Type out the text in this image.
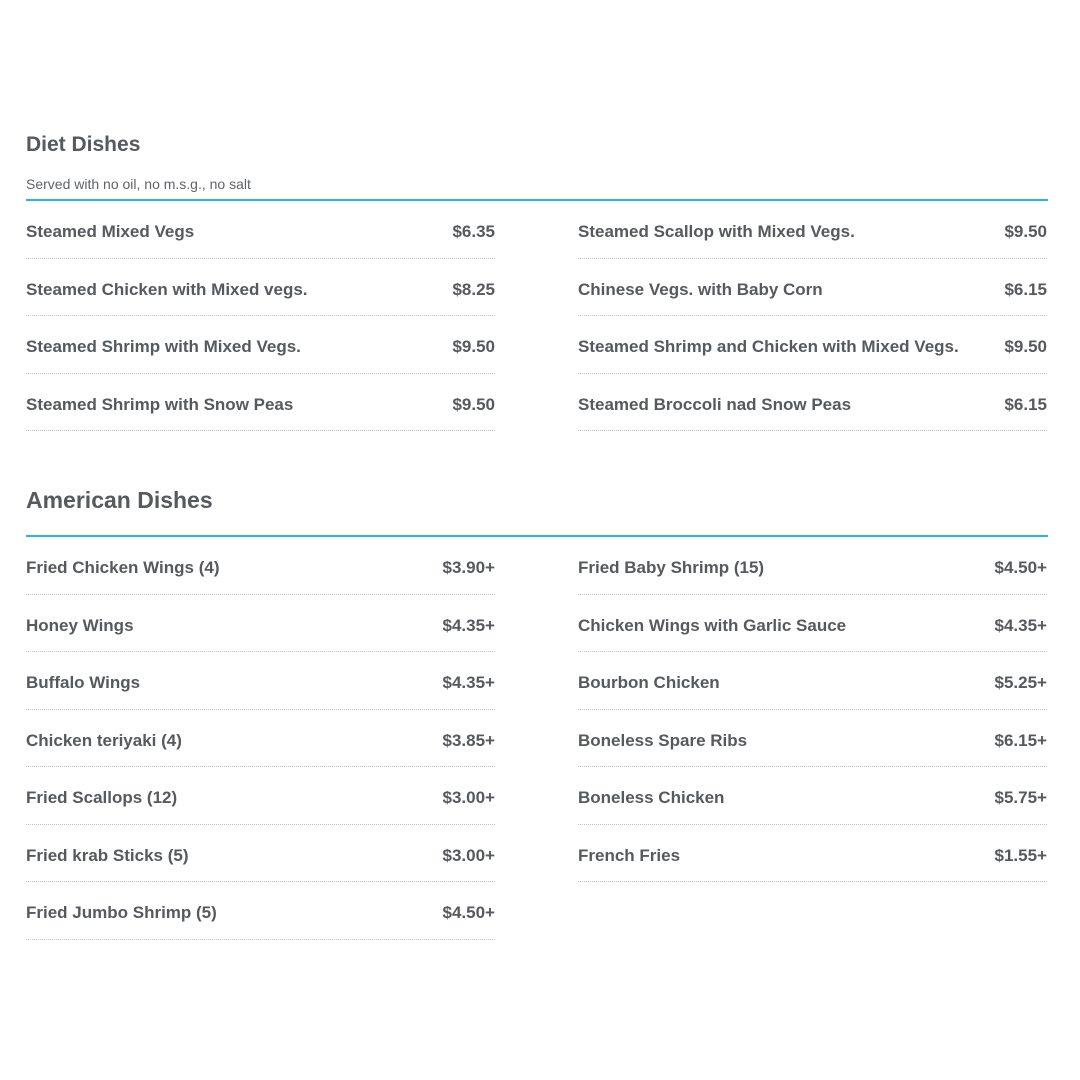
Diet Dishes

Served with no oil, no m.s.g., no salt

Steamed Mixed Vegs	$6.35
Steamed Chicken with Mixed vegs.	$8.25
Steamed Shrimp with Mixed Vegs.	$9.50
Steamed Shrimp with Snow Peas	$9.50
Steamed Scallop with Mixed Vegs.	$9.50
Chinese Vegs. with Baby Corn	$6.15
Steamed Shrimp and Chicken with Mixed Vegs.	$9.50
Steamed Broccoli nad Snow Peas	$6.15
American Dishes
Fried Chicken Wings (4)	$3.90+
Honey Wings	$4.35+
Buffalo Wings	$4.35+
Chicken teriyaki (4)	$3.85+
Fried Scallops (12)	$3.00+
Fried krab Sticks (5)	$3.00+
Fried Jumbo Shrimp (5)	$4.50+
Fried Baby Shrimp (15)	$4.50+
Chicken Wings with Garlic Sauce	$4.35+
Bourbon Chicken	$5.25+
Boneless Spare Ribs	$6.15+
Boneless Chicken	$5.75+
French Fries	$1.55+
